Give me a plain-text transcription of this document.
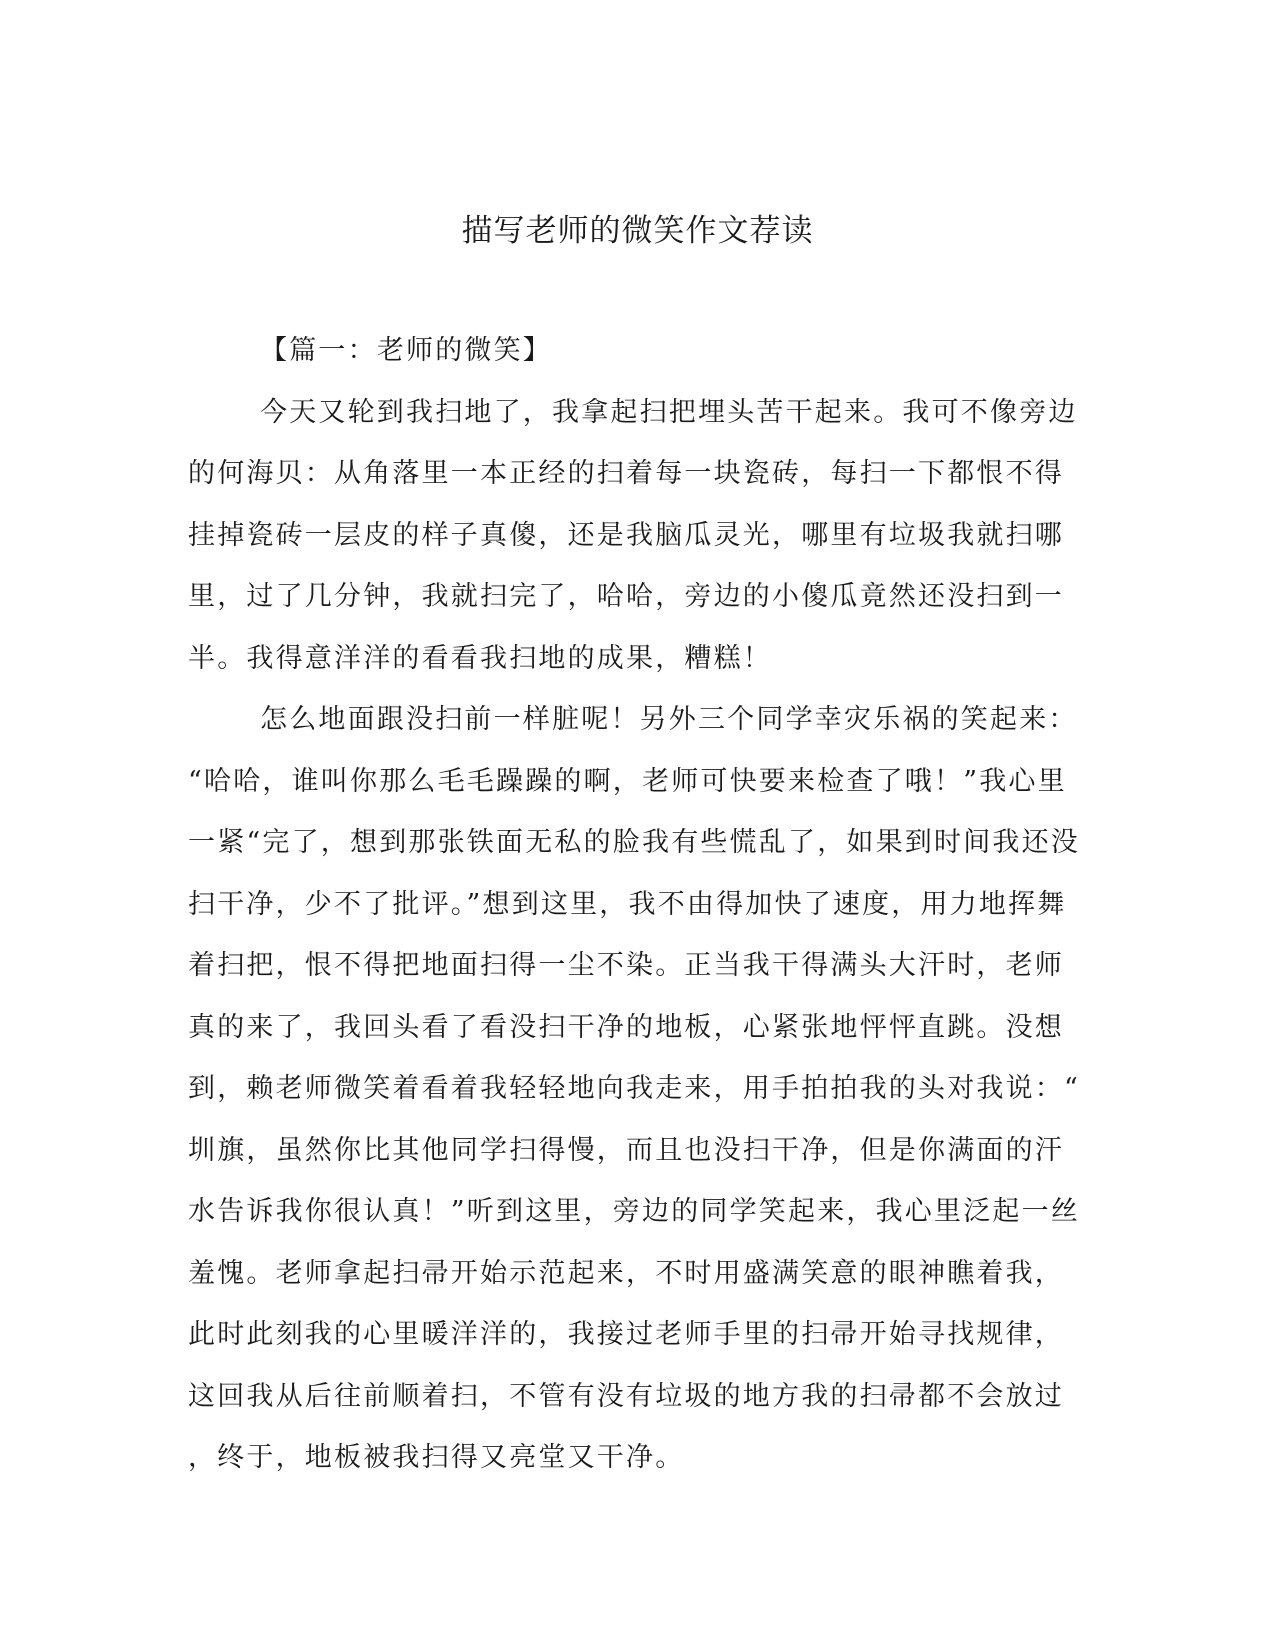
描写老师的微笑作文荐读
【篇一：老师的微笑】
今天又轮到我扫地了，我拿起扫把埋头苦干起来。我可不像旁边
的何海贝：从角落里一本正经的扫着每一块瓷砖，每扫一下都恨不得
挂掉瓷砖一层皮的样子真傻，还是我脑瓜灵光，哪里有垃圾我就扫哪
里，过了几分钟，我就扫完了，哈哈，旁边的小傻瓜竟然还没扫到一
半。我得意洋洋的看看我扫地的成果，糟糕！
怎么地面跟没扫前一样脏呢！另外三个同学幸灾乐祸的笑起来：
“哈哈，谁叫你那么毛毛躁躁的啊，老师可快要来检查了哦！”我心里
一紧“完了，想到那张铁面无私的脸我有些慌乱了，如果到时间我还没
扫干净，少不了批评。”想到这里，我不由得加快了速度，用力地挥舞
着扫把，恨不得把地面扫得一尘不染。正当我干得满头大汗时，老师
真的来了，我回头看了看没扫干净的地板，心紧张地怦怦直跳。没想
到，赖老师微笑着看着我轻轻地向我走来，用手拍拍我的头对我说：“
圳旗，虽然你比其他同学扫得慢，而且也没扫干净，但是你满面的汗
水告诉我你很认真！”听到这里，旁边的同学笑起来，我心里泛起一丝
羞愧。老师拿起扫帚开始示范起来，不时用盛满笑意的眼神瞧着我，
此时此刻我的心里暖洋洋的，我接过老师手里的扫帚开始寻找规律，
这回我从后往前顺着扫，不管有没有垃圾的地方我的扫帚都不会放过
，终于，地板被我扫得又亮堂又干净。
